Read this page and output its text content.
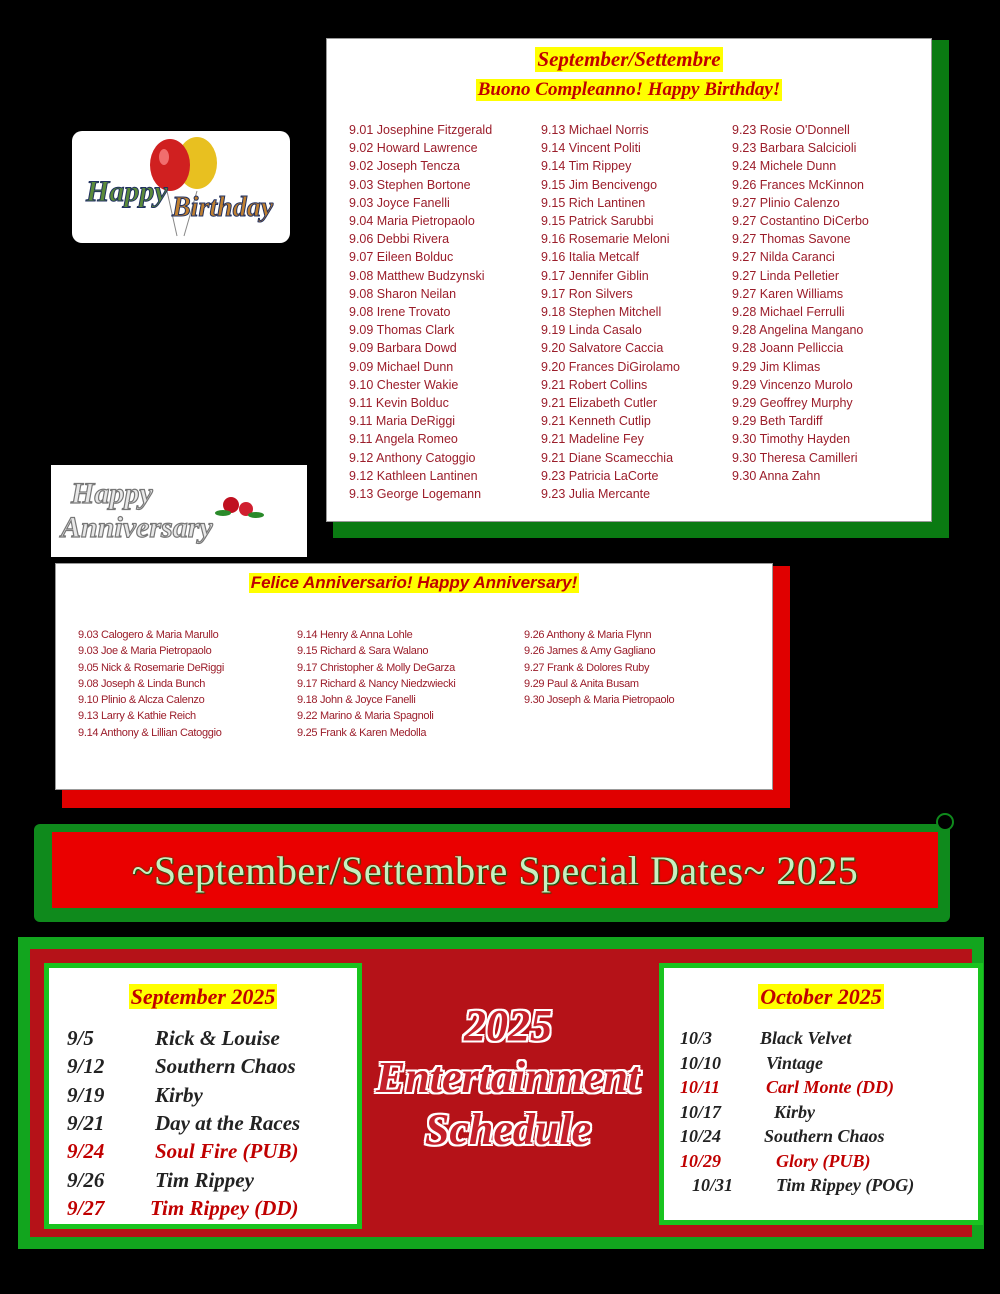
September/Settembre
Buono Compleanno! Happy Birthday!
9.01 Josephine Fitzgerald
9.02 Howard Lawrence
9.02 Joseph Tencza
9.03 Stephen Bortone
9.03 Joyce Fanelli
9.04 Maria Pietropaolo
9.06 Debbi Rivera
9.07 Eileen Bolduc
9.08 Matthew Budzynski
9.08 Sharon Neilan
9.08 Irene Trovato
9.09 Thomas Clark
9.09 Barbara Dowd
9.09 Michael Dunn
9.10 Chester Wakie
9.11 Kevin Bolduc
9.11 Maria DeRiggi
9.11 Angela Romeo
9.12 Anthony Catoggio
9.12 Kathleen Lantinen
9.13 George Logemann
9.13 Michael Norris
9.14 Vincent Politi
9.14 Tim Rippey
9.15 Jim Bencivengo
9.15 Rich Lantinen
9.15 Patrick Sarubbi
9.16 Rosemarie Meloni
9.16 Italia Metcalf
9.17 Jennifer Giblin
9.17 Ron Silvers
9.18 Stephen Mitchell
9.19 Linda Casalo
9.20 Salvatore Caccia
9.20 Frances DiGirolamo
9.21 Robert Collins
9.21 Elizabeth Cutler
9.21 Kenneth Cutlip
9.21 Madeline Fey
9.21 Diane Scamecchia
9.23 Patricia LaCorte
9.23 Julia Mercante
9.23 Rosie O'Donnell
9.23 Barbara Salcicioli
9.24 Michele Dunn
9.26 Frances McKinnon
9.27 Plinio Calenzo
9.27 Costantino DiCerbo
9.27 Thomas Savone
9.27 Nilda Caranci
9.27 Linda Pelletier
9.27 Karen Williams
9.28 Michael Ferrulli
9.28 Angelina Mangano
9.28 Joann Pelliccia
9.29 Jim Klimas
9.29 Vincenzo Murolo
9.29 Geoffrey Murphy
9.29 Beth Tardiff
9.30 Timothy Hayden
9.30 Theresa Camilleri
9.30 Anna Zahn
Happy Birthday
Happy
Anniversary
Felice Anniversario! Happy Anniversary!
9.03 Calogero & Maria Marullo
9.03 Joe & Maria Pietropaolo
9.05 Nick & Rosemarie DeRiggi
9.08 Joseph & Linda Bunch
9.10 Plinio & Alcza Calenzo
9.13 Larry & Kathie Reich
9.14 Anthony & Lillian Catoggio
9.14 Henry & Anna Lohle
9.15 Richard & Sara Walano
9.17 Christopher & Molly DeGarza
9.17 Richard & Nancy Niedzwiecki
9.18 John & Joyce Fanelli
9.22 Marino & Maria Spagnoli
9.25 Frank & Karen Medolla
9.26 Anthony & Maria Flynn
9.26 James & Amy Gagliano
9.27 Frank & Dolores Ruby
9.29 Paul & Anita Busam
9.30 Joseph & Maria Pietropaolo
~September/Settembre Special Dates~ 2025
September 2025
9/5	Rick & Louise
9/12 Southern Chaos
9/19 Kirby
9/21 Day at the Races
9/24 Soul Fire (PUB)
9/26 Tim Rippey
9/27 Tim Rippey (DD)
October 2025
10/3	Black Velvet
10/10 Vintage
10/11	Carl Monte (DD)
10/17	Kirby
10/24 Southern Chaos
10/29	Glory (PUB)
10/31 Tim Rippey (POG)
2025
Entertainment
Schedule
